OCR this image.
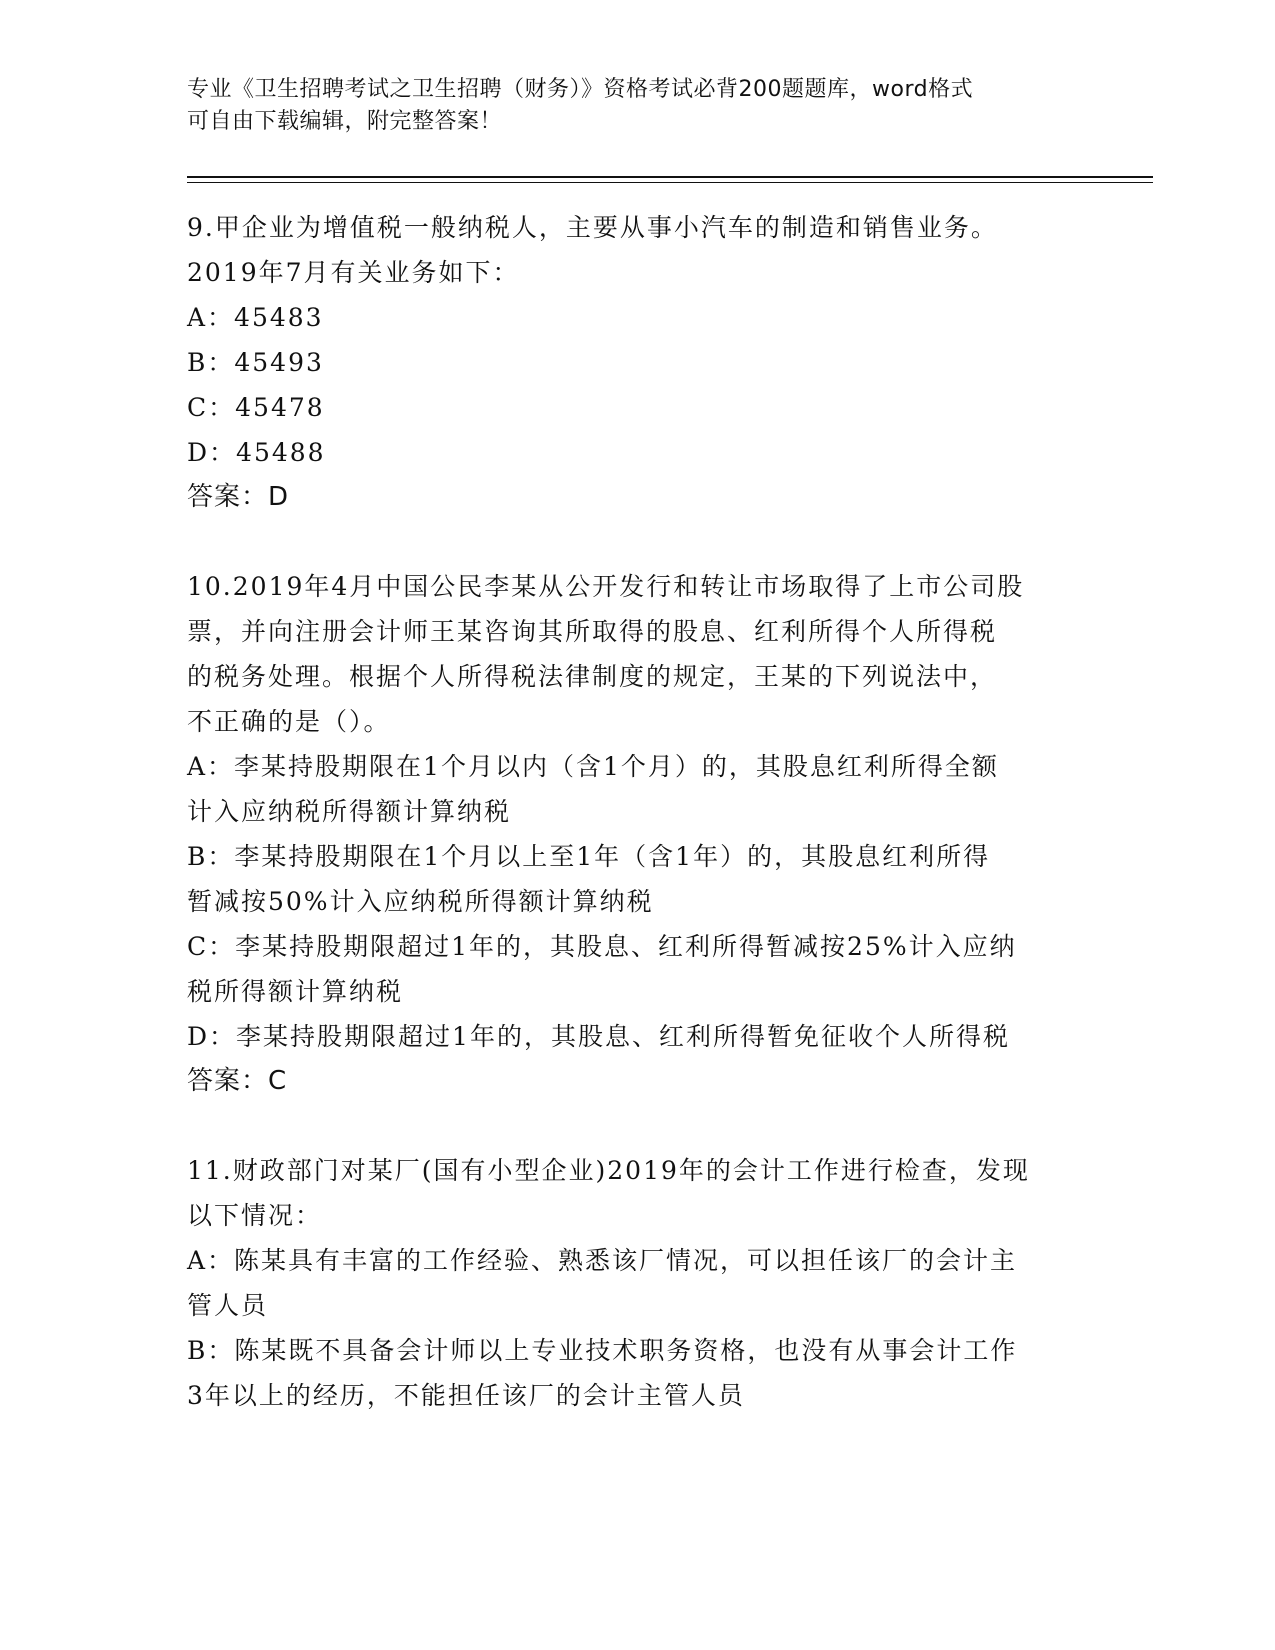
专业《卫生招聘考试之卫生招聘（财务）》资格考试必背200题题库，word格式
可自由下载编辑，附完整答案！
9.甲企业为增值税一般纳税人，主要从事小汽车的制造和销售业务。
2019年7月有关业务如下：
A：45483
B：45493
C：45478
D：45488
答案：D
10.2019年4月中国公民李某从公开发行和转让市场取得了上市公司股
票，并向注册会计师王某咨询其所取得的股息、红利所得个人所得税
的税务处理。根据个人所得税法律制度的规定，王某的下列说法中，
不正确的是（）。
A：李某持股期限在1个月以内（含1个月）的，其股息红利所得全额
计入应纳税所得额计算纳税
B：李某持股期限在1个月以上至1年（含1年）的，其股息红利所得
暂减按50%计入应纳税所得额计算纳税
C：李某持股期限超过1年的，其股息、红利所得暂减按25%计入应纳
税所得额计算纳税
D：李某持股期限超过1年的，其股息、红利所得暂免征收个人所得税
答案：C
11.财政部门对某厂(国有小型企业)2019年的会计工作进行检查，发现
以下情况：
A：陈某具有丰富的工作经验、熟悉该厂情况，可以担任该厂的会计主
管人员
B：陈某既不具备会计师以上专业技术职务资格，也没有从事会计工作
3年以上的经历，不能担任该厂的会计主管人员
